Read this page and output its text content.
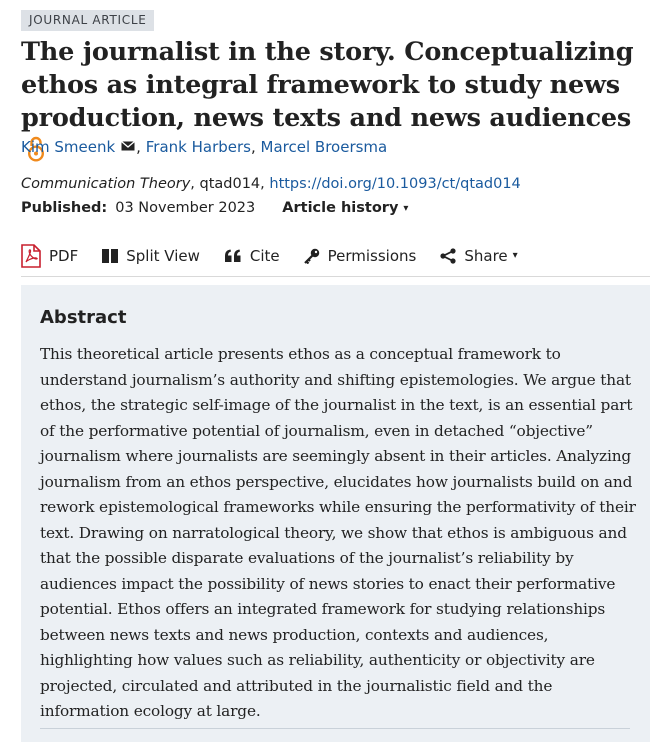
JOURNAL ARTICLE
The journalist in the story. Conceptualizing ethos as integral framework to study news production, news texts and news audiences
Kim Smeenk ,
Frank Harbers ,
Marcel Broersma
Communication Theory, qtad014, https://doi.org/10.1093/ct/qtad014
Published: 03 November 2023 Article history ▾
PDF	Split View	Cite	Permissions	Share ▾
Abstract

This theoretical article presents ethos as a conceptual framework to understand journalism’s authority and shifting epistemologies. We argue that ethos, the strategic self-image of the journalist in the text, is an essential part of the performative potential of journalism, even in detached “objective” journalism where journalists are seemingly absent in their articles. Analyzing journalism from an ethos perspective, elucidates how journalists build on and rework epistemological frameworks while ensuring the performativity of their text. Drawing on narratological theory, we show that ethos is ambiguous and that the possible disparate evaluations of the journalist’s reliability by audiences impact the possibility of news stories to enact their performative potential. Ethos offers an integrated framework for studying relationships between news texts and news production, contexts and audiences, highlighting how values such as reliability, authenticity or objectivity are projected, circulated and attributed in the journalistic field and the information ecology at large.
